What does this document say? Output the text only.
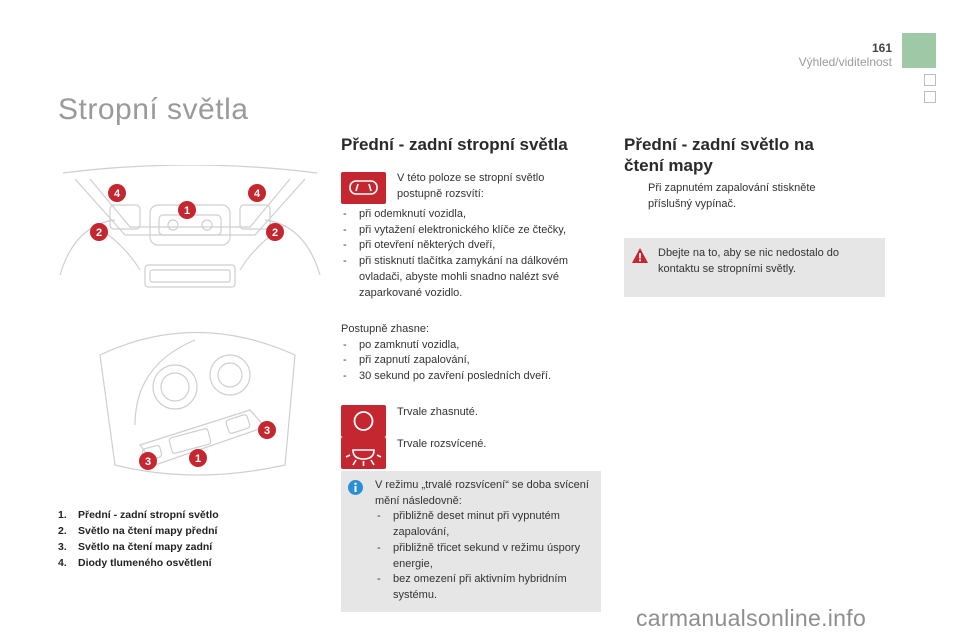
161
Výhled/viditelnost
Stropní světla
1
2	2
4	4
3
3	1
1. Přední - zadní stropní světlo
2. Světlo na čtení mapy přední
3. Světlo na čtení mapy zadní
4. Diody tlumeného osvětlení
Přední - zadní stropní světla
V této poloze se stropní světlo postupně rozsvítí:
- při odemknutí vozidla,
- při vytažení elektronického klíče ze čtečky,
- při otevření některých dveří,
- při stisknutí tlačítka zamykání na dálkovém ovladači, abyste mohli snadno nalézt své zaparkované vozidlo.
Postupně zhasne:
- po zamknutí vozidla,
- při zapnutí zapalování,
- 30 sekund po zavření posledních dveří.
Trvale zhasnuté.
Trvale rozsvícené.
V režimu „trvalé rozsvícení“ se doba svícení mění následovně:
- přibližně deset minut při vypnutém zapalování,
- přibližně třicet sekund v režimu úspory energie,
- bez omezení při aktivním hybridním systému.
Přední - zadní světlo na
čtení mapy
Při zapnutém zapalování stiskněte příslušný vypínač.
Dbejte na to, aby se nic nedostalo do kontaktu se stropními světly.
carmanualsonline.info
